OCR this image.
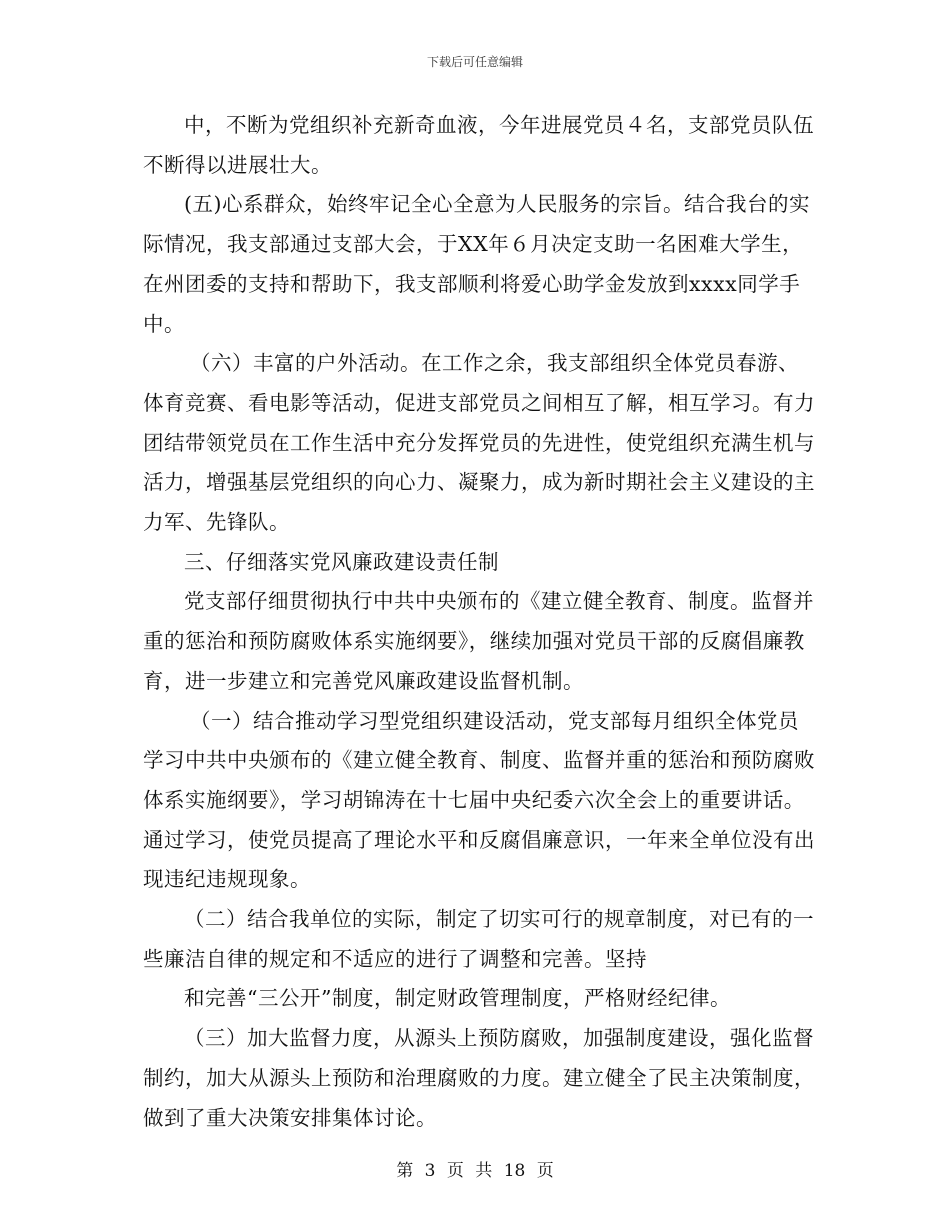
下载后可任意编辑

中，不断为党组织补充新奇血液，今年进展党员４名，支部党员队伍不断得以进展壮大。

(五)心系群众，始终牢记全心全意为人民服务的宗旨。结合我台的实际情况，我支部通过支部大会，于XX年６月决定支助一名困难大学生，在州团委的支持和帮助下，我支部顺利将爱心助学金发放到xxxx同学手中。

（六）丰富的户外活动。在工作之余，我支部组织全体党员春游、体育竞赛、看电影等活动，促进支部党员之间相互了解，相互学习。有力团结带领党员在工作生活中充分发挥党员的先进性，使党组织充满生机与活力，增强基层党组织的向心力、凝聚力，成为新时期社会主义建设的主力军、先锋队。

三、仔细落实党风廉政建设责任制

党支部仔细贯彻执行中共中央颁布的《建立健全教育、制度。监督并重的惩治和预防腐败体系实施纲要》，继续加强对党员干部的反腐倡廉教育，进一步建立和完善党风廉政建设监督机制。

（一）结合推动学习型党组织建设活动，党支部每月组织全体党员学习中共中央颁布的《建立健全教育、制度、监督并重的惩治和预防腐败体系实施纲要》，学习胡锦涛在十七届中央纪委六次全会上的重要讲话。通过学习，使党员提高了理论水平和反腐倡廉意识，一年来全单位没有出现违纪违规现象。

（二）结合我单位的实际，制定了切实可行的规章制度，对已有的一些廉洁自律的规定和不适应的进行了调整和完善。坚持

和完善“三公开”制度，制定财政管理制度，严格财经纪律。

（三）加大监督力度，从源头上预防腐败，加强制度建设，强化监督制约，加大从源头上预防和治理腐败的力度。建立健全了民主决策制度，做到了重大决策安排集体讨论。

第 3 页 共 18 页
